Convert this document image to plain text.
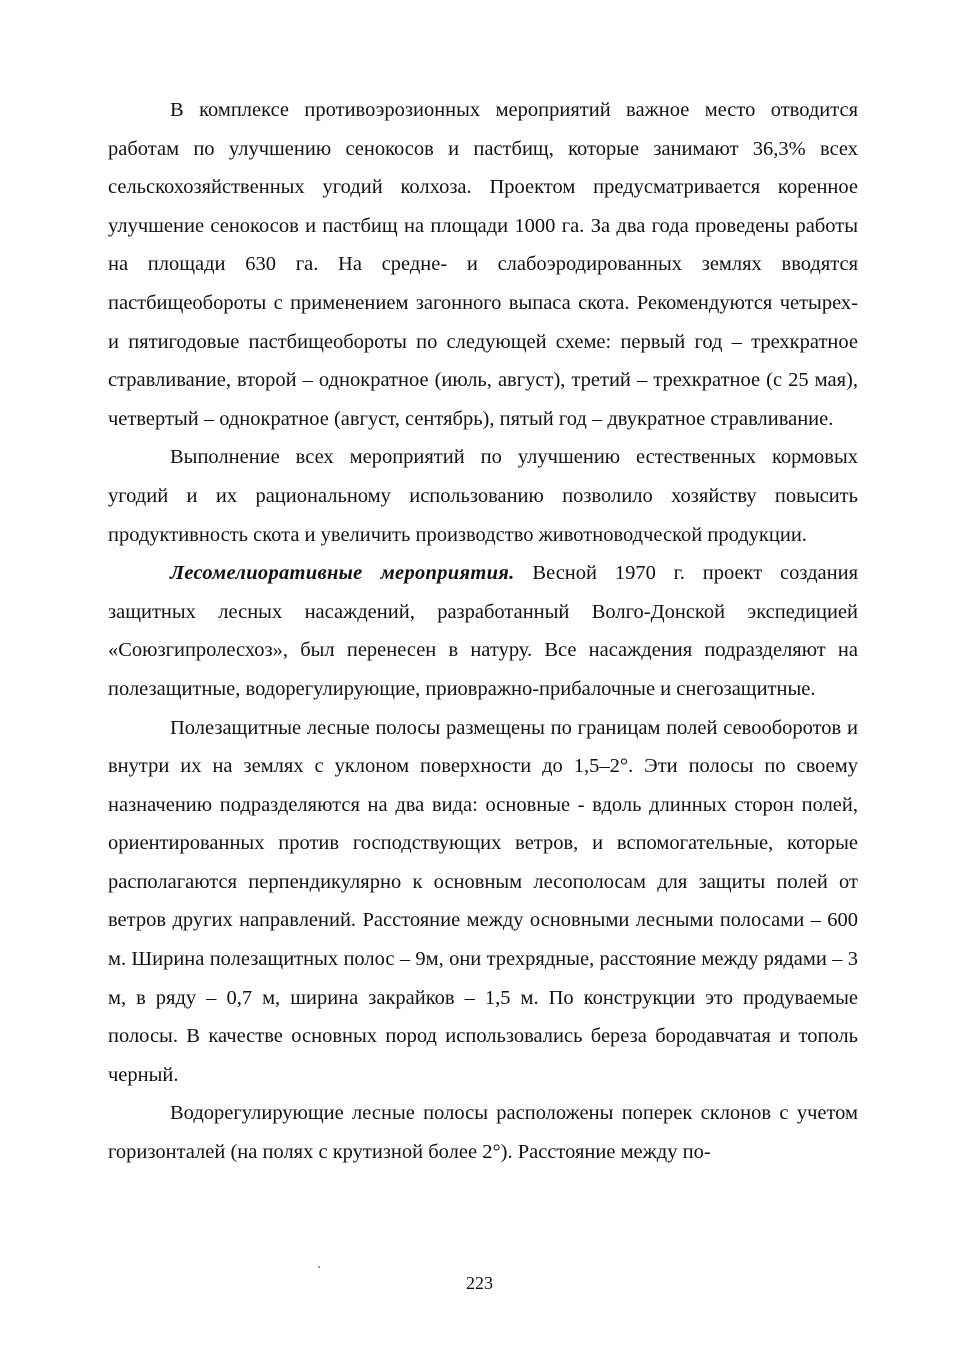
В комплексе противоэрозионных мероприятий важное место отводится работам по улучшению сенокосов и пастбищ, которые занимают 36,3% всех сельскохозяйственных угодий колхоза. Проектом предусматривается коренное улучшение сенокосов и пастбищ на площади 1000 га. За два года проведены работы на площади 630 га. На средне- и слабоэродированных землях вводятся пастбищеобороты с применением загонного выпаса скота. Рекомендуются четырех- и пятигодовые пастбищеобороты по следующей схеме: первый год – трехкратное стравливание, второй – однократное (июль, август), третий – трехкратное (с 25 мая), четвертый – однократное (август, сентябрь), пятый год – двукратное стравливание.

Выполнение всех мероприятий по улучшению естественных кормовых угодий и их рациональному использованию позволило хозяйству повысить продуктивность скота и увеличить производство животноводческой продукции.

Лесомелиоративные мероприятия. Весной 1970 г. проект создания защитных лесных насаждений, разработанный Волго-Донской экспедицией «Союзгипролесхоз», был перенесен в натуру. Все насаждения подразделяют на полезащитные, водорегулирующие, приовражно-прибалочные и снегозащитные.

Полезащитные лесные полосы размещены по границам полей севооборотов и внутри их на землях с уклоном поверхности до 1,5–2°. Эти полосы по своему назначению подразделяются на два вида: основные - вдоль длинных сторон полей, ориентированных против господствующих ветров, и вспомогательные, которые располагаются перпендикулярно к основным лесополосам для защиты полей от ветров других направлений. Расстояние между основными лесными полосами – 600 м. Ширина полезащитных полос – 9м, они трехрядные, расстояние между рядами – 3 м, в ряду – 0,7 м, ширина закрайков – 1,5 м. По конструкции это продуваемые полосы. В качестве основных пород использовались береза бородавчатая и тополь черный.

Водорегулирующие лесные полосы расположены поперек склонов с учетом горизонталей (на полях с крутизной более 2°). Расстояние между по-

223
